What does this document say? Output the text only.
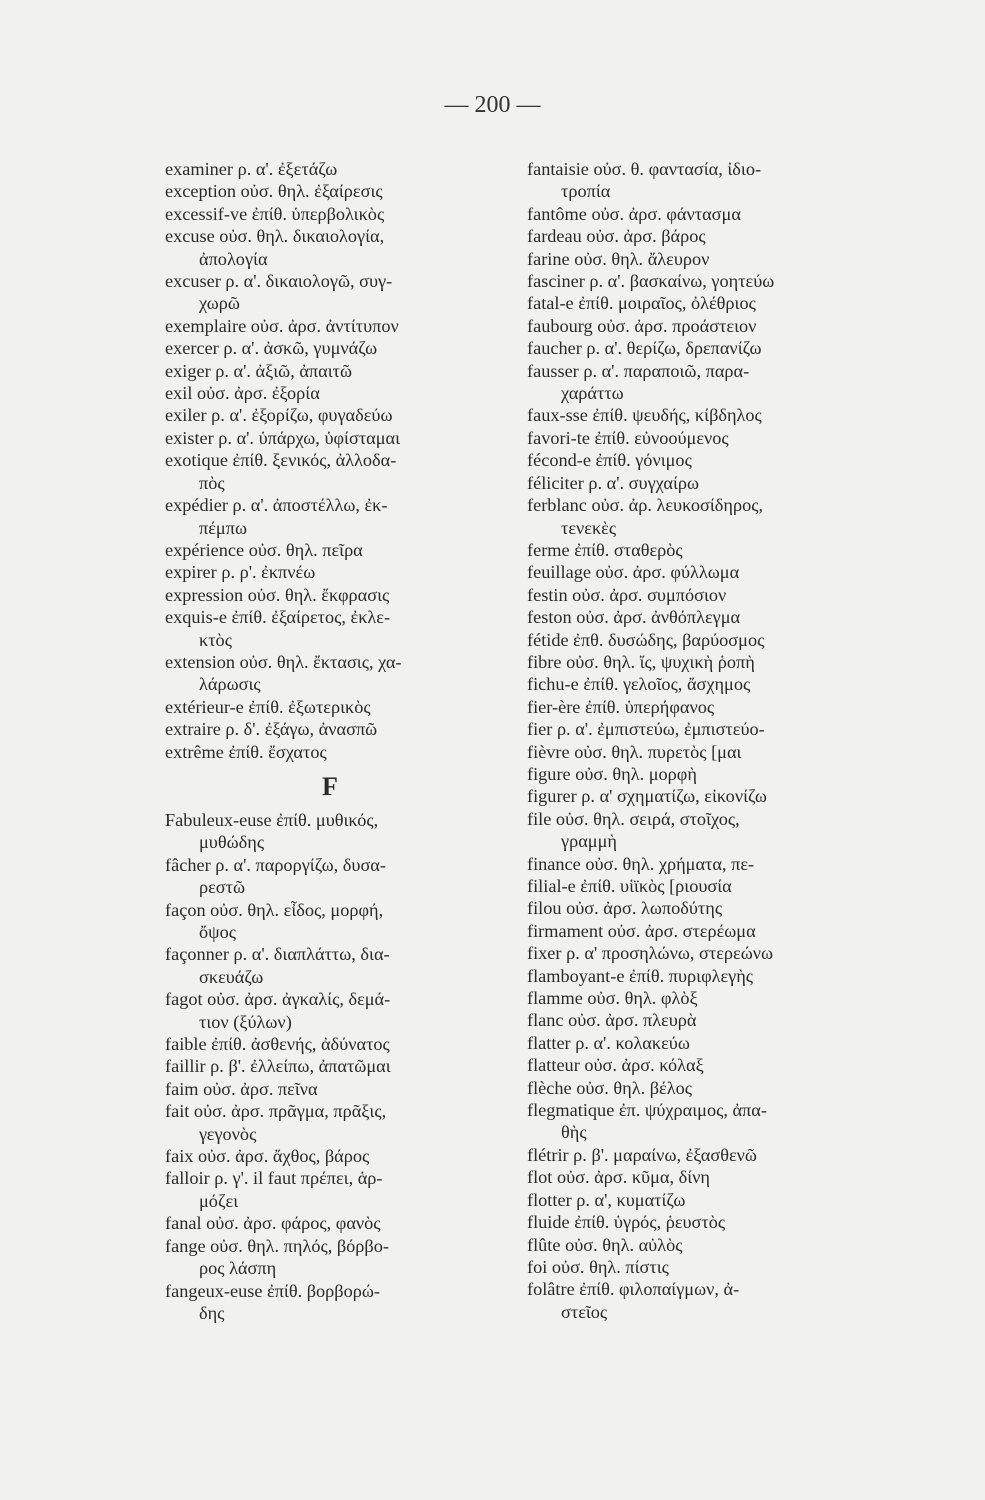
— 200 —
examiner ρ. α'. ἐξετάζω
exception οὐσ. θηλ. ἐξαίρεσις
excessif-ve ἐπίθ. ὑπερβολικὸς
excuse οὐσ. θηλ. δικαιολογία,
ἀπολογία
excuser ρ. α'. δικαιολογῶ, συγ-
χωρῶ
exemplaire οὐσ. ἀρσ. ἀντίτυπον
exercer ρ. α'. ἀσκῶ, γυμνάζω
exiger ρ. α'. ἀξιῶ, ἀπαιτῶ
exil οὐσ. ἀρσ. ἐξορία
exiler ρ. α'. ἐξορίζω, φυγαδεύω
exister ρ. α'. ὑπάρχω, ὑφίσταμαι
exotique ἐπίθ. ξενικός, ἀλλοδα-
πὸς
expédier ρ. α'. ἀποστέλλω, ἐκ-
πέμπω
expérience οὐσ. θηλ. πεῖρα
expirer ρ. ρ'. ἐκπνέω
expression οὐσ. θηλ. ἔκφρασις
exquis-e ἐπίθ. ἐξαίρετος, ἐκλε-
κτὸς
extension οὐσ. θηλ. ἔκτασις, χα-
λάρωσις
extérieur-e ἐπίθ. ἐξωτερικὸς
extraire ρ. δ'. ἐξάγω, ἀνασπῶ
extrême ἐπίθ. ἔσχατος
F
Fabuleux-euse ἐπίθ. μυθικός,
μυθώδης
fâcher ρ. α'. παροργίζω, δυσα-
ρεστῶ
façon οὐσ. θηλ. εἶδος, μορφή,
ὄψος
façonner ρ. α'. διαπλάττω, δια-
σκευάζω
fagot οὐσ. ἀρσ. ἀγκαλίς, δεμά-
τιον (ξύλων)
faible ἐπίθ. ἀσθενής, ἀδύνατος
faillir ρ. β'. ἐλλείπω, ἀπατῶμαι
faim οὐσ. ἀρσ. πεῖνα
fait οὐσ. ἀρσ. πρᾶγμα, πρᾶξις,
γεγονὸς
faix οὐσ. ἀρσ. ἄχθος, βάρος
falloir ρ. γ'. il faut πρέπει, ἁρ-
μόζει
fanal οὐσ. ἀρσ. φάρος, φανὸς
fange οὐσ. θηλ. πηλός, βόρβο-
ρος λάσπη
fangeux-euse ἐπίθ. βορβορώ-
δης
fantaisie οὐσ. θ. φαντασία, ἰδιο-
τροπία
fantôme οὐσ. ἀρσ. φάντασμα
fardeau οὐσ. ἀρσ. βάρος
farine οὐσ. θηλ. ἄλευρον
fasciner ρ. α'. βασκαίνω, γοητεύω
fatal-e ἐπίθ. μοιραῖος, ὀλέθριος
faubourg οὐσ. ἀρσ. προάστειον
faucher ρ. α'. θερίζω, δρεπανίζω
fausser ρ. α'. παραποιῶ, παρα-
χαράττω
faux-sse ἐπίθ. ψευδής, κίβδηλος
favori-te ἐπίθ. εὐνοούμενος
fécond-e ἐπίθ. γόνιμος
féliciter ρ. α'. συγχαίρω
ferblanc οὐσ. ἀρ. λευκοσίδηρος,
τενεκὲς
ferme ἐπίθ. σταθερὸς
feuillage οὐσ. ἀρσ. φύλλωμα
festin οὐσ. ἀρσ. συμπόσιον
feston οὐσ. ἀρσ. ἀνθόπλεγμα
fétide ἐπθ. δυσώδης, βαρύοσμος
fibre οὐσ. θηλ. ἴς, ψυχικὴ ῥοπὴ
fichu-e ἐπίθ. γελοῖος, ἄσχημος
fier-ère ἐπίθ. ὑπερήφανος
fier ρ. α'. ἐμπιστεύω, ἐμπιστεύο-
fièvre οὐσ. θηλ. πυρετὸς [μαι
figure οὐσ. θηλ. μορφὴ
figurer ρ. α' σχηματίζω, εἰκονίζω
file οὐσ. θηλ. σειρά, στοῖχος,
γραμμὴ
finance οὐσ. θηλ. χρήματα, πε-
filial-e ἐπίθ. υἱϊκὸς [ριουσία
filou οὐσ. ἀρσ. λωποδύτης
firmament οὐσ. ἀρσ. στερέωμα
fixer ρ. α' προσηλώνω, στερεώνω
flamboyant-e ἐπίθ. πυριφλεγὴς
flamme οὐσ. θηλ. φλὸξ
flanc οὐσ. ἀρσ. πλευρὰ
flatter ρ. α'. κολακεύω
flatteur οὐσ. ἀρσ. κόλαξ
flèche οὐσ. θηλ. βέλος
flegmatique ἐπ. ψύχραιμος, ἀπα-
θὴς
flétrir ρ. β'. μαραίνω, ἐξασθενῶ
flot οὐσ. ἀρσ. κῦμα, δίνη
flotter ρ. α', κυματίζω
fluide ἐπίθ. ὑγρός, ῥευστὸς
flûte οὐσ. θηλ. αὐλὸς
foi οὐσ. θηλ. πίστις
folâtre ἐπίθ. φιλοπαίγμων, ἀ-
στεῖος
